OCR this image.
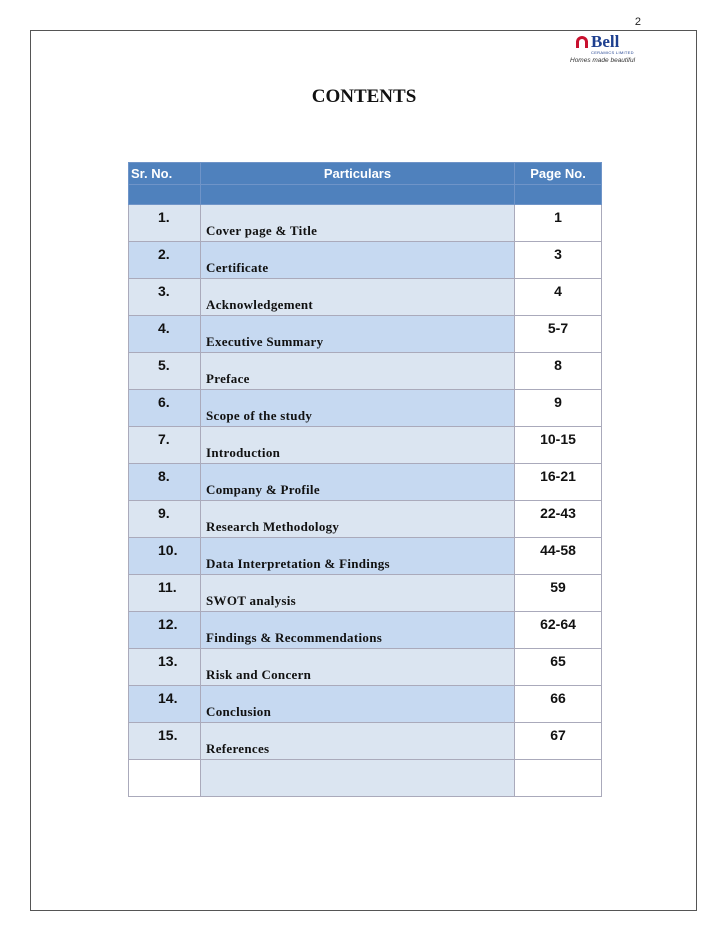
2
Bell
CERAMICS LIMITED
Homes made beautiful
CONTENTS
Sr. No.	Particulars	Page No.

1.	Cover page & Title	1
2.	Certificate	3
3.	Acknowledgement	4
4.	Executive Summary	5-7
5.	Preface	8
6.	Scope of the study	9
7.	Introduction	10-15
8.	Company & Profile	16-21
9.	Research Methodology	22-43
10.	Data Interpretation & Findings	44-58
11.	SWOT analysis	59
12.	Findings & Recommendations	62-64
13.	Risk and Concern	65
14.	Conclusion	66
15.	References	67
